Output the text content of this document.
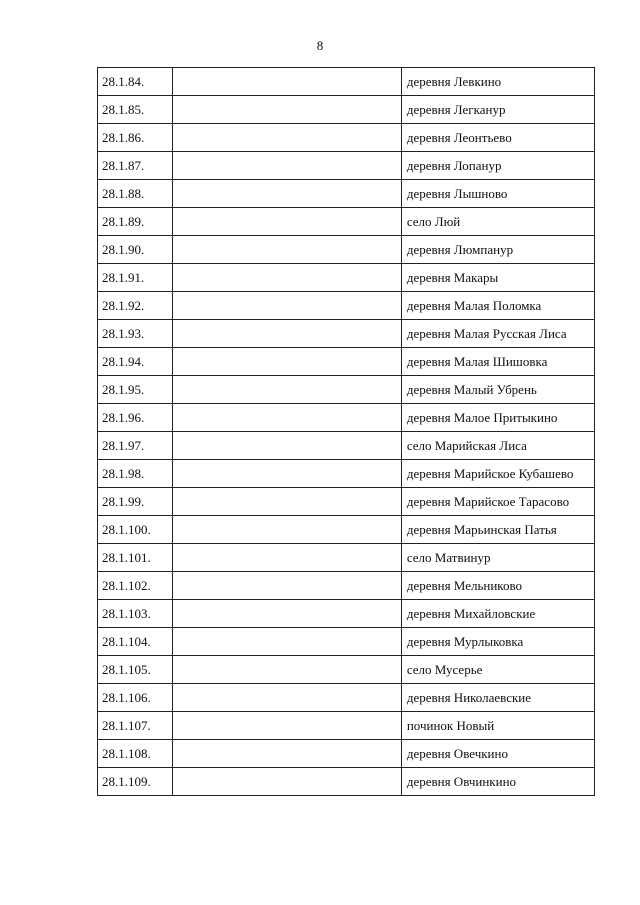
8
28.1.84.		деревня Левкино
28.1.85.		деревня Легканур
28.1.86.		деревня Леонтьево
28.1.87.		деревня Лопанур
28.1.88.		деревня Лышново
28.1.89.		село Люй
28.1.90.		деревня Люмпанур
28.1.91.		деревня Макары
28.1.92.		деревня Малая Поломка
28.1.93.		деревня Малая Русская Лиса
28.1.94.		деревня Малая Шишовка
28.1.95.		деревня Малый Убрень
28.1.96.		деревня Малое Притыкино
28.1.97.		село Марийская Лиса
28.1.98.		деревня Марийское Кубашево
28.1.99.		деревня Марийское Тарасово
28.1.100.		деревня Марьинская Патья
28.1.101.		село Матвинур
28.1.102.		деревня Мельниково
28.1.103.		деревня Михайловские
28.1.104.		деревня Мурлыковка
28.1.105.		село Мусерье
28.1.106.		деревня Николаевские
28.1.107.		починок Новый
28.1.108.		деревня Овечкино
28.1.109.		деревня Овчинкино
